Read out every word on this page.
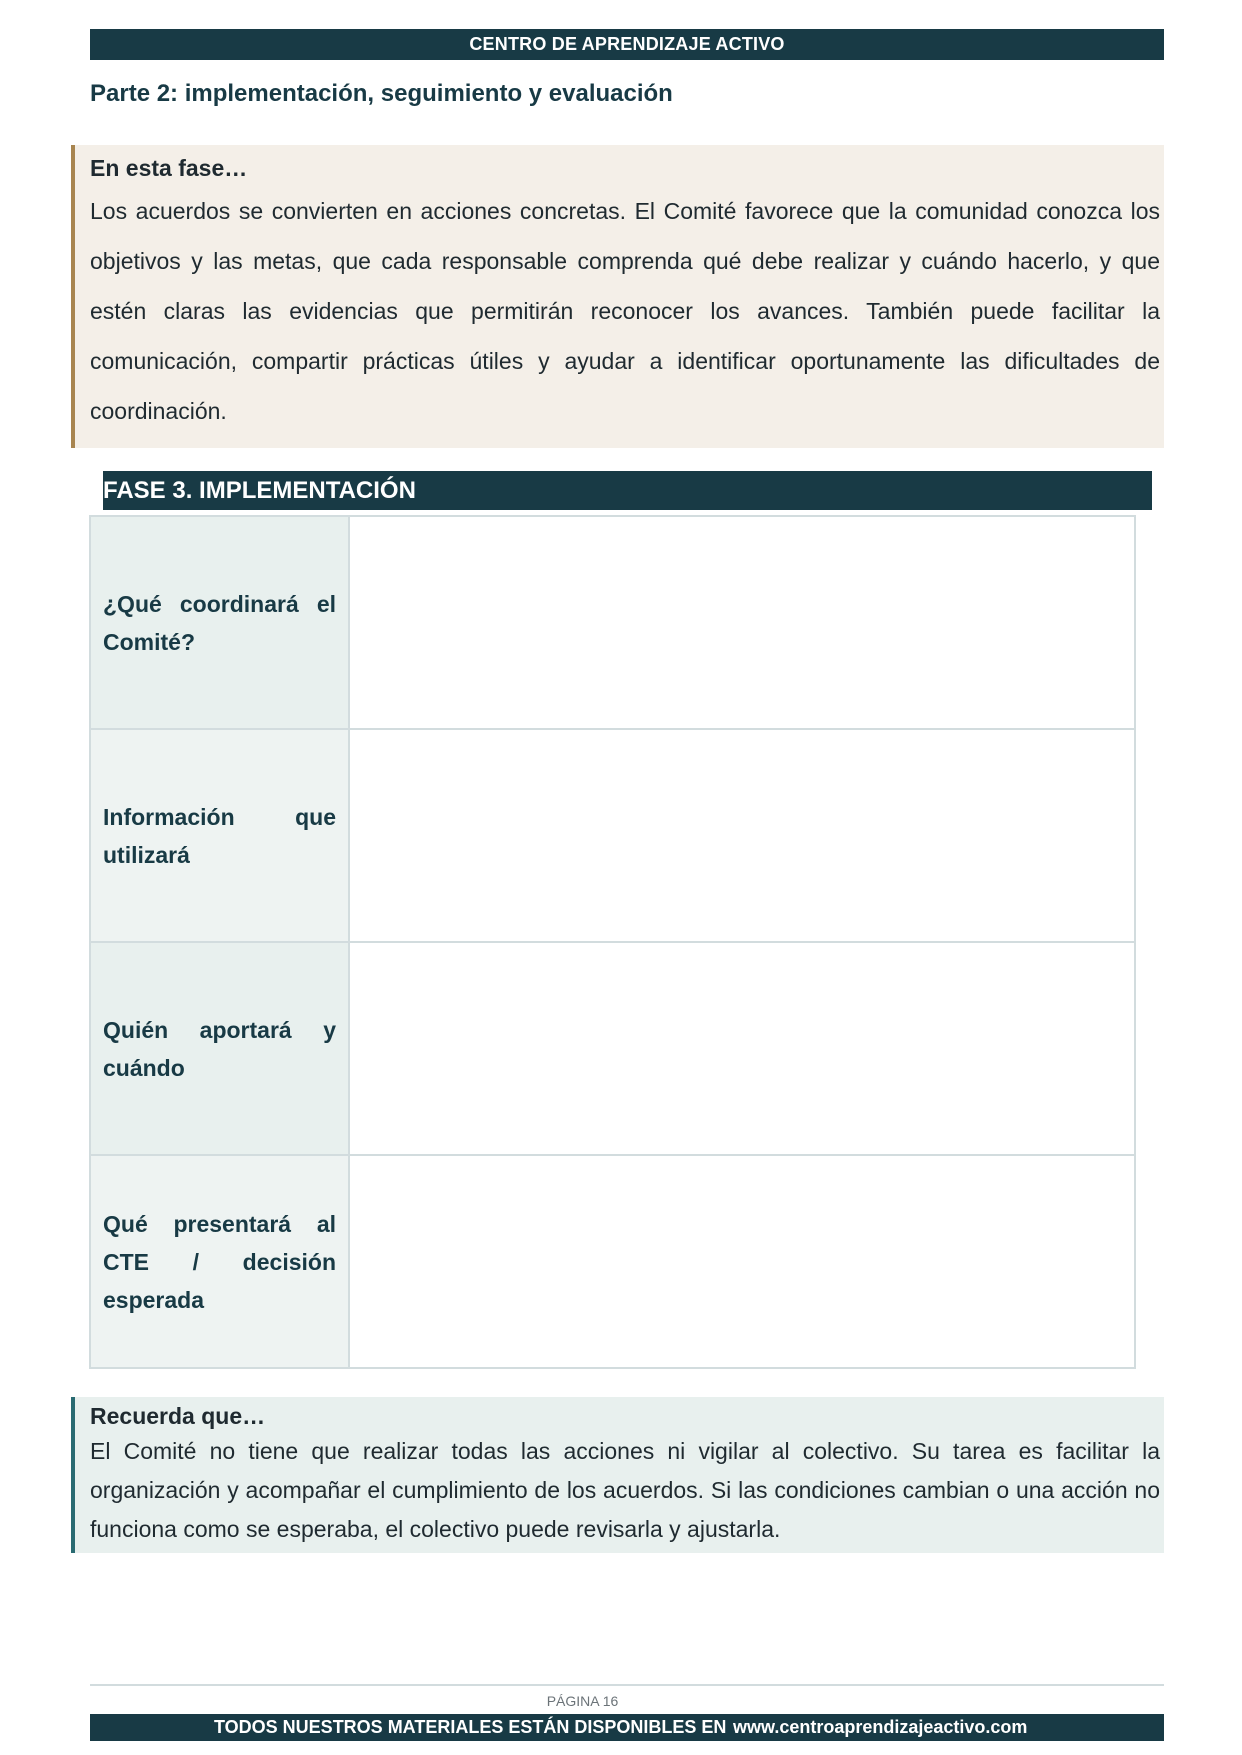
CENTRO DE APRENDIZAJE ACTIVO
Parte 2: implementación, seguimiento y evaluación
En esta fase…
Los acuerdos se convierten en acciones concretas. El Comité favorece que la comunidad conozca los objetivos y las metas, que cada responsable comprenda qué debe realizar y cuándo hacerlo, y que estén claras las evidencias que permitirán reconocer los avances. También puede facilitar la comunicación, compartir prácticas útiles y ayudar a identificar oportunamente las dificultades de coordinación.
FASE 3. IMPLEMENTACIÓN
¿Qué coordinará el Comité?	
Información que utilizará	
Quién aportará y cuándo	
Qué presentará al CTE / decisión esperada	
Recuerda que…
El Comité no tiene que realizar todas las acciones ni vigilar al colectivo. Su tarea es facilitar la organización y acompañar el cumplimiento de los acuerdos. Si las condiciones cambian o una acción no funciona como se esperaba, el colectivo puede revisarla y ajustarla.
PÁGINA 16
TODOS NUESTROS MATERIALES ESTÁN DISPONIBLES EN www.centroaprendizajeactivo.com
